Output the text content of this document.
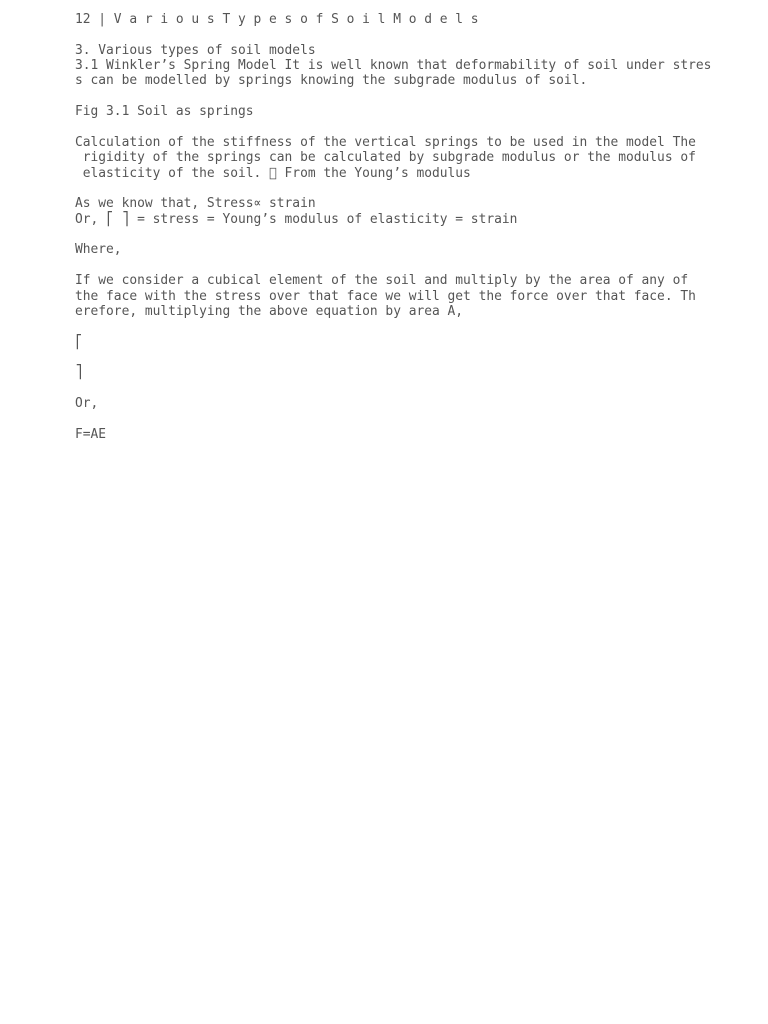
12 | V a r i o u s T y p e s o f S o i l M o d e l s
3. Various types of soil models
3.1 Winkler’s Spring Model It is well known that deformability of soil under stres
s can be modelled by springs knowing the subgrade modulus of soil.
Fig 3.1 Soil as springs
Calculation of the stiffness of the vertical springs to be used in the model The
rigidity of the springs can be calculated by subgrade modulus or the modulus of
elasticity of the soil.   From the Young’s modulus
As we know that, Stress∝ strain
Or, ⎡ ⎤ = stress = Young’s modulus of elasticity = strain
Where,
If we consider a cubical element of the soil and multiply by the area of any of
the face with the stress over that face we will get the force over that face. Th
erefore, multiplying the above equation by area A,
⎡
⎤
Or,
F=AE
